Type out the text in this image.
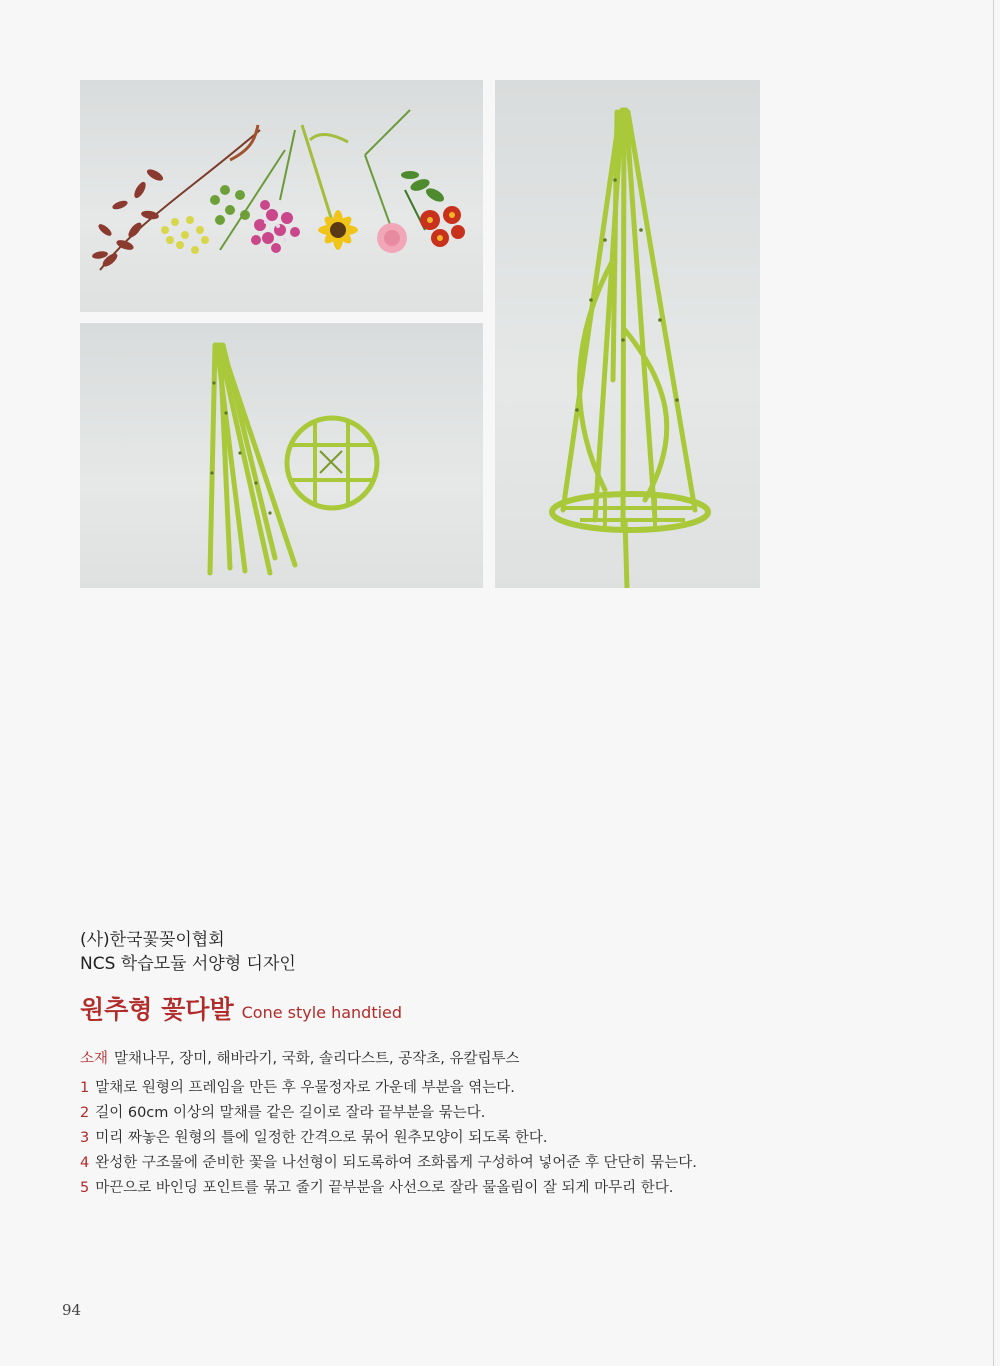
(사)한국꽃꽂이협회

NCS 학습모듈 서양형 디자인

원추형 꽃다발 Cone style handtied
소재 말채나무, 장미, 해바라기, 국화, 솔리다스트, 공작초, 유칼립투스
1 말채로 원형의 프레임을 만든 후 우물정자로 가운데 부분을 엮는다.
2 길이 60cm 이상의 말채를 같은 길이로 잘라 끝부분을 묶는다.
3 미리 짜놓은 원형의 틀에 일정한 간격으로 묶어 원추모양이 되도록 한다.
4 완성한 구조물에 준비한 꽃을 나선형이 되도록하여 조화롭게 구성하여 넣어준 후 단단히 묶는다.
5 마끈으로 바인딩 포인트를 묶고 줄기 끝부분을 사선으로 잘라 물올림이 잘 되게 마무리 한다.
94
